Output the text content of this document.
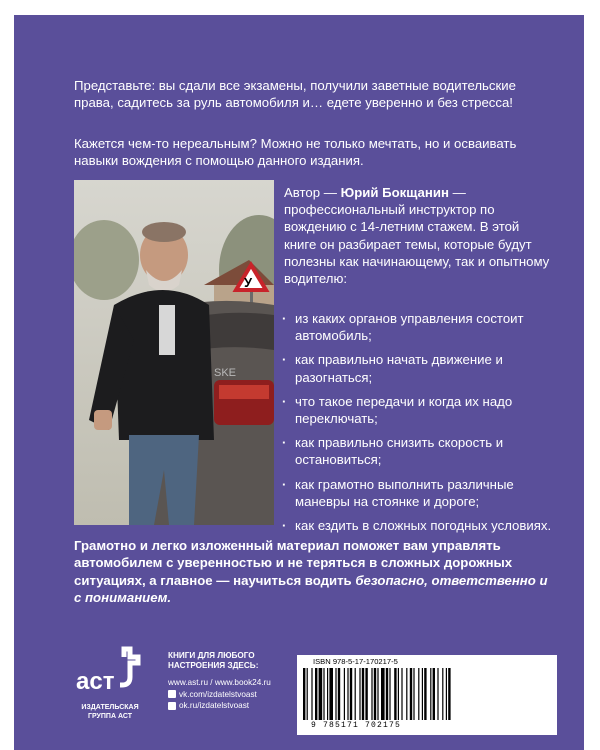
Представьте: вы сдали все экзамены, получили заветные водительские права, садитесь за руль автомобиля и… едете уверенно и без стресса!
Кажется чем-то нереальным? Можно не только мечтать, но и осваивать навыки вождения с помощью данного издания.
SKE
У
Автор — Юрий Бокщанин — профессиональный инструктор по вождению с 14-летним стажем. В этой книге он разбирает темы, которые будут полезны как начинающему, так и опытному водителю:
· из каких органов управления состоит автомобиль;
· как правильно начать движение и разогнаться;
· что такое передачи и когда их надо переключать;
· как правильно снизить скорость и остановиться;
· как грамотно выполнить различные маневры на стоянке и дороге;
· как ездить в сложных погодных условиях.
Грамотно и легко изложенный материал поможет вам управлять автомобилем с уверенностью и не теряться в сложных дорожных ситуациях, а главное — научиться водить безопасно, ответственно и с пониманием.
аст
ИЗДАТЕЛЬСКАЯ
ГРУППА АСТ
КНИГИ ДЛЯ ЛЮБОГО
НАСТРОЕНИЯ ЗДЕСЬ:
www.ast.ru / www.book24.ru
vk.com/izdatelstvoast
ok.ru/izdatelstvoast
ISBN 978-5-17-170217-5
9 785171 702175
